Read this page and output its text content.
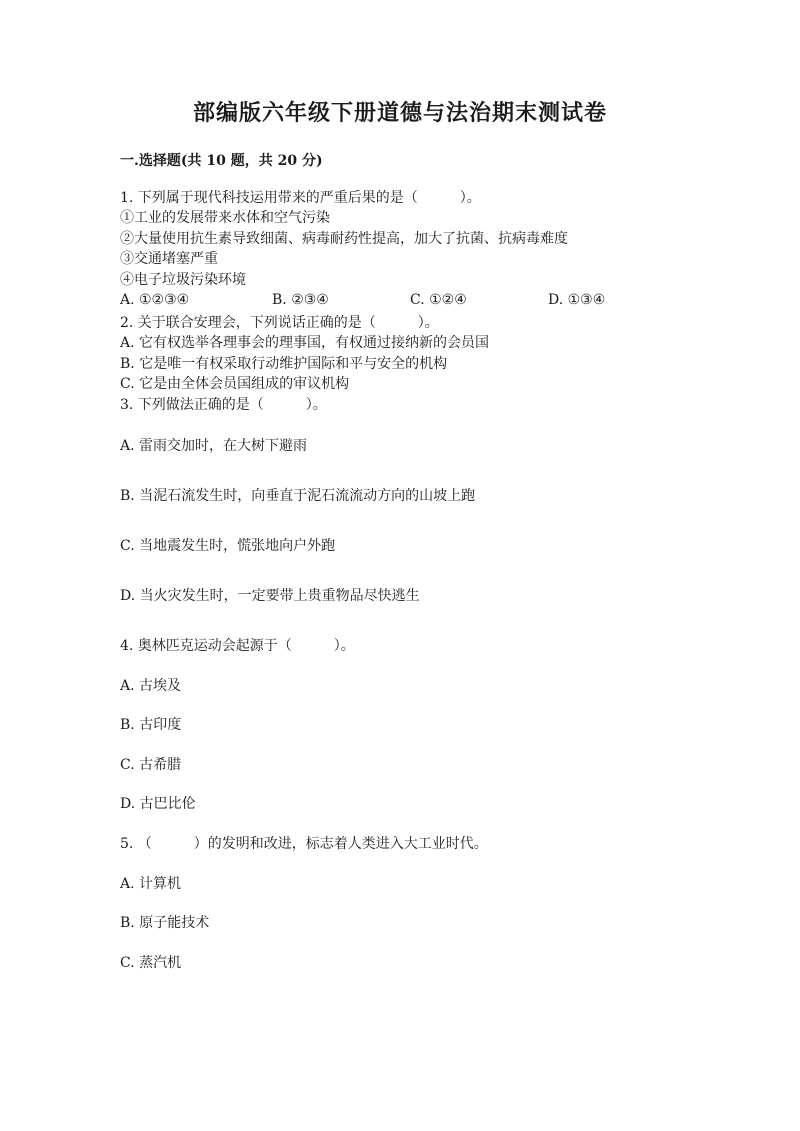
部编版六年级下册道德与法治期末测试卷
一.选择题(共 10 题，共 20 分)
1. 下列属于现代科技运用带来的严重后果的是（　　　）。
①工业的发展带来水体和空气污染
②大量使用抗生素导致细菌、病毒耐药性提高，加大了抗菌、抗病毒难度
③交通堵塞严重
④电子垃圾污染环境
A. ①②③④	B. ②③④	C. ①②④	D. ①③④
2. 关于联合安理会，下列说话正确的是（　　　）。
A. 它有权选举各理事会的理事国，有权通过接纳新的会员国
B. 它是唯一有权采取行动维护国际和平与安全的机构
C. 它是由全体会员国组成的审议机构
3. 下列做法正确的是（　　　）。
A. 雷雨交加时，在大树下避雨
B. 当泥石流发生时，向垂直于泥石流流动方向的山坡上跑
C. 当地震发生时，慌张地向户外跑
D. 当火灾发生时，一定要带上贵重物品尽快逃生
4. 奥林匹克运动会起源于（　　　）。
A. 古埃及
B. 古印度
C. 古希腊
D. 古巴比伦
5. （　　　）的发明和改进，标志着人类进入大工业时代。
A. 计算机
B. 原子能技术
C. 蒸汽机
